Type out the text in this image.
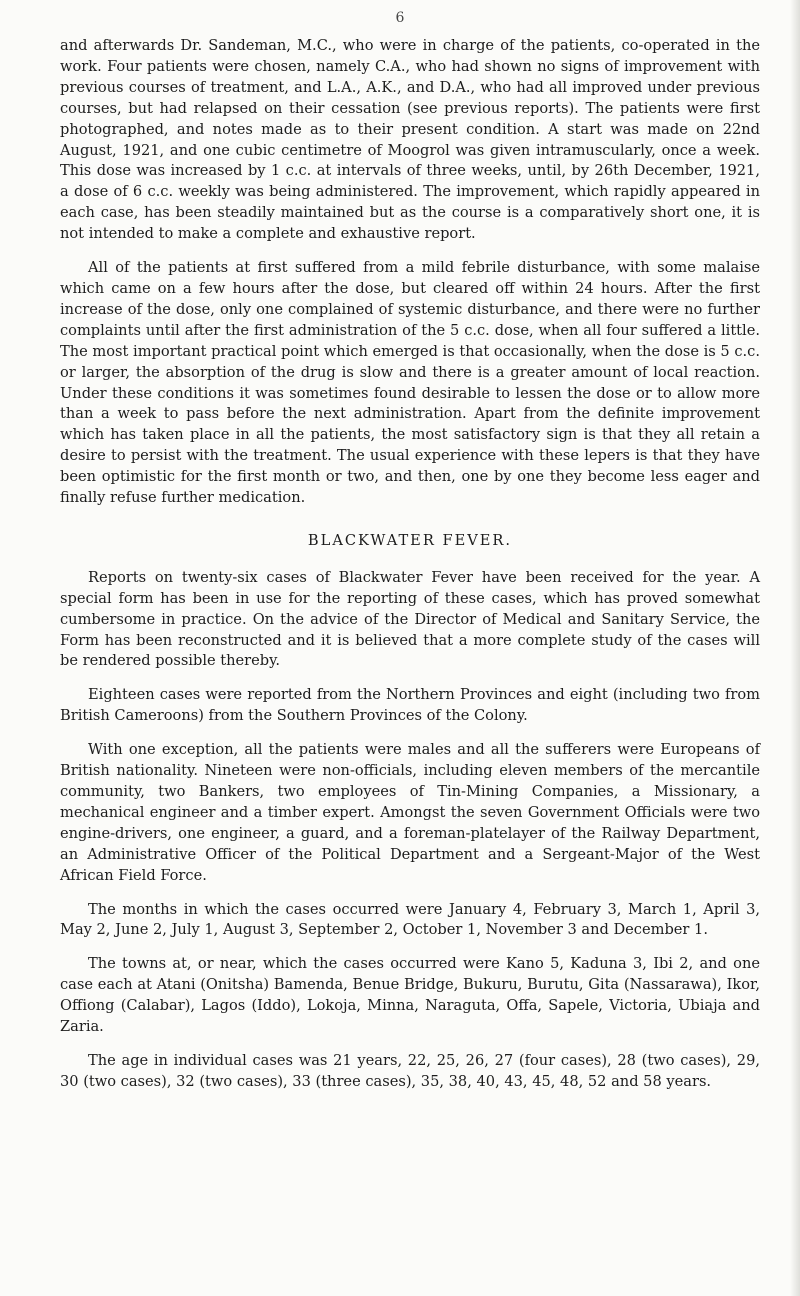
6

and afterwards Dr. Sandeman, M.C., who were in charge of the patients, co-operated in the work. Four patients were chosen, namely C.A., who had shown no signs of improvement with previous courses of treatment, and L.A., A.K., and D.A., who had all improved under previous courses, but had relapsed on their cessation (see previous reports). The patients were first photographed, and notes made as to their present condition. A start was made on 22nd August, 1921, and one cubic centimetre of Moogrol was given intramuscularly, once a week. This dose was increased by 1 c.c. at intervals of three weeks, until, by 26th December, 1921, a dose of 6 c.c. weekly was being administered. The improvement, which rapidly appeared in each case, has been steadily maintained but as the course is a comparatively short one, it is not intended to make a complete and exhaustive report.

All of the patients at first suffered from a mild febrile disturbance, with some malaise which came on a few hours after the dose, but cleared off within 24 hours. After the first increase of the dose, only one complained of systemic disturbance, and there were no further complaints until after the first administration of the 5 c.c. dose, when all four suffered a little. The most important practical point which emerged is that occasionally, when the dose is 5 c.c. or larger, the absorption of the drug is slow and there is a greater amount of local reaction. Under these conditions it was sometimes found desirable to lessen the dose or to allow more than a week to pass before the next administration. Apart from the definite improvement which has taken place in all the patients, the most satisfactory sign is that they all retain a desire to persist with the treatment. The usual experience with these lepers is that they have been optimistic for the first month or two, and then, one by one they become less eager and finally refuse further medication.

BLACKWATER FEVER.

Reports on twenty-six cases of Blackwater Fever have been received for the year. A special form has been in use for the reporting of these cases, which has proved somewhat cumbersome in practice. On the advice of the Director of Medical and Sanitary Service, the Form has been reconstructed and it is believed that a more complete study of the cases will be rendered possible thereby.

Eighteen cases were reported from the Northern Provinces and eight (including two from British Cameroons) from the Southern Provinces of the Colony.

With one exception, all the patients were males and all the sufferers were Europeans of British nationality. Nineteen were non-officials, including eleven members of the mercantile community, two Bankers, two employees of Tin-Mining Companies, a Missionary, a mechanical engineer and a timber expert. Amongst the seven Government Officials were two engine-drivers, one engineer, a guard, and a foreman-platelayer of the Railway Department, an Administrative Officer of the Political Department and a Sergeant-Major of the West African Field Force.

The months in which the cases occurred were January 4, February 3, March 1, April 3, May 2, June 2, July 1, August 3, September 2, October 1, November 3 and December 1.

The towns at, or near, which the cases occurred were Kano 5, Kaduna 3, Ibi 2, and one case each at Atani (Onitsha) Bamenda, Benue Bridge, Bukuru, Burutu, Gita (Nassarawa), Ikor, Offiong (Calabar), Lagos (Iddo), Lokoja, Minna, Naraguta, Offa, Sapele, Victoria, Ubiaja and Zaria.

The age in individual cases was 21 years, 22, 25, 26, 27 (four cases), 28 (two cases), 29, 30 (two cases), 32 (two cases), 33 (three cases), 35, 38, 40, 43, 45, 48, 52 and 58 years.
